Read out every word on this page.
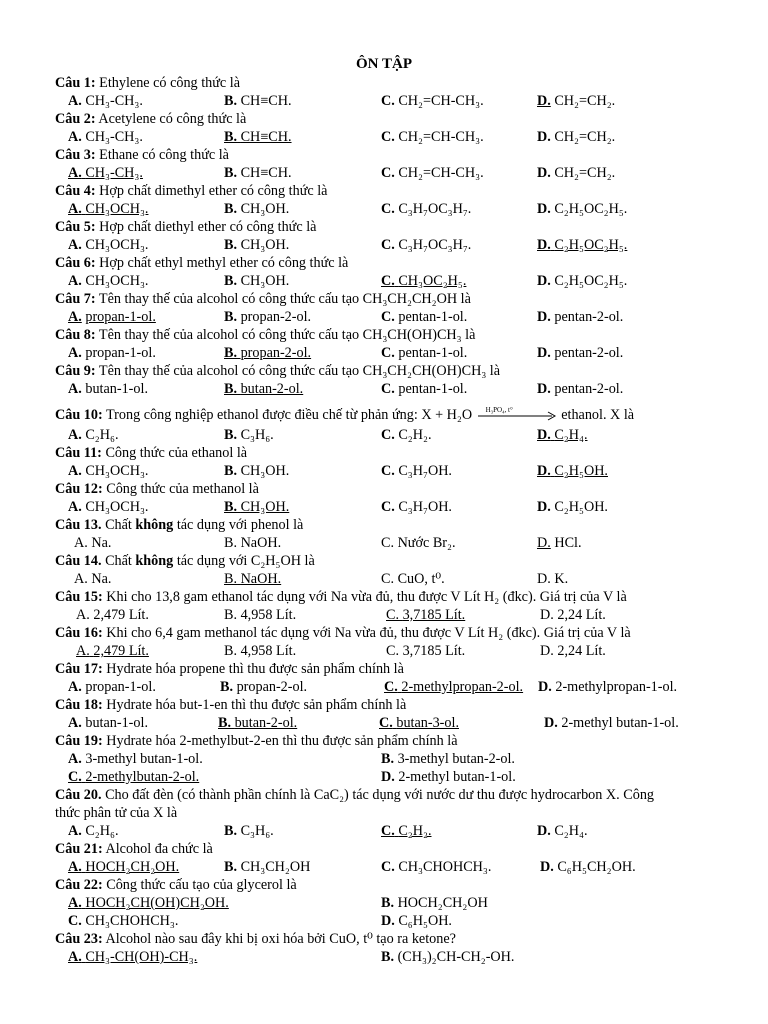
ÔN TẬP
Câu 1: Ethylene có công thức là
A. CH₃-CH₃.	B. CH≡CH.	C. CH₂=CH-CH₃.	D. CH₂=CH₂.
Câu 2: Acetylene có công thức là
A. CH₃-CH₃.	B. CH≡CH.	C. CH₂=CH-CH₃.	D. CH₂=CH₂.
Câu 3: Ethane có công thức là
A. CH₃-CH₃.	B. CH≡CH.	C. CH₂=CH-CH₃.	D. CH₂=CH₂.
Câu 4: Hợp chất dimethyl ether có công thức là
A. CH₃OCH₃.	B. CH₃OH.	C. C₃H₇OC₃H₇.	D. C₂H₅OC₂H₅.
Câu 5: Hợp chất diethyl ether có công thức là
A. CH₃OCH₃.	B. CH₃OH.	C. C₃H₇OC₃H₇.	D. C₂H₅OC₂H₅.
Câu 6: Hợp chất ethyl methyl ether có công thức là
A. CH₃OCH₃.	B. CH₃OH.	C. CH₃OC₂H₅.	D. C₂H₅OC₂H₅.
Câu 7: Tên thay thế của alcohol có công thức cấu tạo CH₃CH₂CH₂OH là
A. propan-1-ol.	B. propan-2-ol.	C. pentan-1-ol.	D. pentan-2-ol.
Câu 8: Tên thay thế của alcohol có công thức cấu tạo CH₃CH(OH)CH₃ là
A. propan-1-ol.	B. propan-2-ol.	C. pentan-1-ol.	D. pentan-2-ol.
Câu 9: Tên thay thế của alcohol có công thức cấu tạo CH₃CH₂CH(OH)CH₃ là
A. butan-1-ol.	B. butan-2-ol.	C. pentan-1-ol.	D. pentan-2-ol.
Câu 10: Trong công nghiệp ethanol được điều chế từ phản ứng: X + H₂O H₃PO₄, t°	ethanol. X là
A. C₂H₆.	B. C₃H₆.	C. C₂H₂.	D. C₂H₄.
Câu 11: Công thức của ethanol là
A. CH₃OCH₃.	B. CH₃OH.	C. C₃H₇OH.	D. C₂H₅OH.
Câu 12: Công thức của methanol là
A. CH₃OCH₃.	B. CH₃OH.	C. C₃H₇OH.	D. C₂H₅OH.
Câu 13. Chất không tác dụng với phenol là
A. Na.	B. NaOH.	C. Nước Br₂.	D. HCl.
Câu 14. Chất không tác dụng với C₂H₅OH là
A. Na.	B. NaOH.	C. CuO, t⁰.	D. K.
Câu 15: Khi cho 13,8 gam ethanol tác dụng với Na vừa đủ, thu được V Lít H₂ (đkc). Giá trị của V là
A. 2,479 Lít.	B. 4,958 Lít.	C. 3,7185 Lít.	D. 2,24 Lít.
Câu 16: Khi cho 6,4 gam methanol tác dụng với Na vừa đủ, thu được V Lít H₂ (đkc). Giá trị của V là
A. 2,479 Lít.	B. 4,958 Lít.	C. 3,7185 Lít.	D. 2,24 Lít.
Câu 17: Hydrate hóa propene thì thu được sản phẩm chính là
A. propan-1-ol.	B. propan-2-ol.	C. 2-methylpropan-2-ol. D. 2-methylpropan-1-ol.
Câu 18: Hydrate hóa but-1-en thì thu được sản phẩm chính là
A. butan-1-ol.	B. butan-2-ol.	C. butan-3-ol.	D. 2-methyl butan-1-ol.
Câu 19: Hydrate hóa 2-methylbut-2-en thì thu được sản phẩm chính là
A. 3-methyl butan-1-ol.	B. 3-methyl butan-2-ol.
C. 2-methylbutan-2-ol.	D. 2-methyl butan-1-ol.
Câu 20. Cho đất đèn (có thành phần chính là CaC₂) tác dụng với nước dư thu được hydrocarbon X. Công
thức phân tử của X là
A. C₂H₆.	B. C₃H₆.	C. C₂H₂.	D. C₂H₄.
Câu 21: Alcohol đa chức là
A. HOCH₂CH₂OH.	B. CH₃CH₂OH	C. CH₃CHOHCH₃.	D. C₆H₅CH₂OH.
Câu 22: Công thức cấu tạo của glycerol là
A. HOCH₂CH(OH)CH₂OH.	B. HOCH₂CH₂OH
C. CH₃CHOHCH₃.	D. C₆H₅OH.
Câu 23: Alcohol nào sau đây khi bị oxi hóa bởi CuO, t⁰ tạo ra ketone?
A. CH₃-CH(OH)-CH₃.	B. (CH₃)₂CH-CH₂-OH.
